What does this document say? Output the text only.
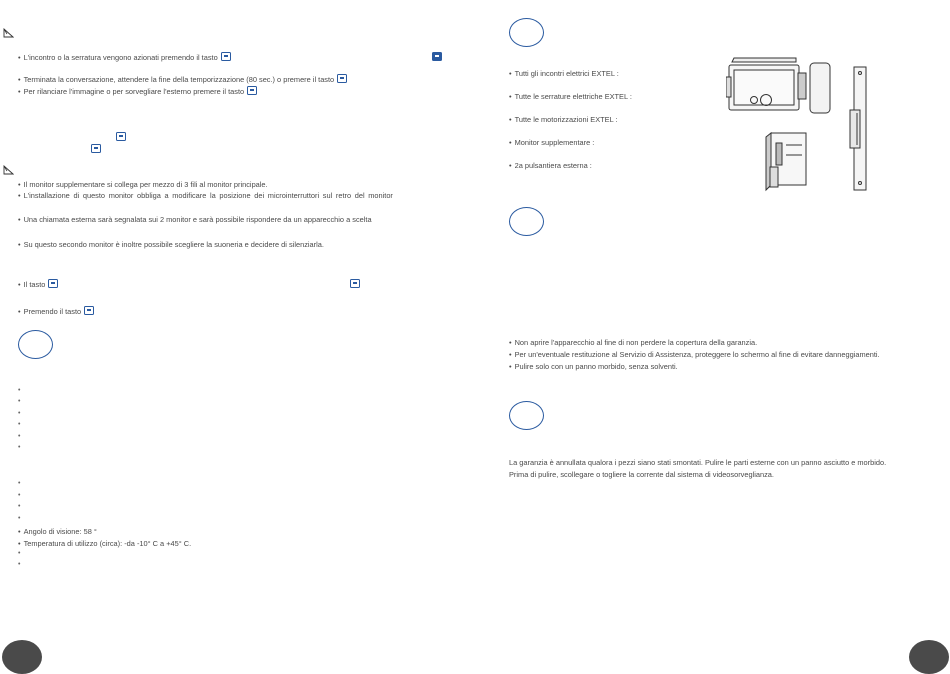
• L'incontro o la serratura vengono azionati premendo il tasto
• Terminata la conversazione, attendere la fine della temporizzazione (80 sec.) o premere il tasto
• Per rilanciare l'immagine o per sorvegliare l'esterno premere il tasto
• Il monitor supplementare si collega per mezzo di 3 fili al monitor principale.
• L'installazione di questo monitor obbliga a modificare la posizione dei microinterruttori sul retro del monitor
• Una chiamata esterna sarà segnalata sui 2 monitor e sarà possibile rispondere da un apparecchio a scelta
• Su questo secondo monitor è inoltre possibile scegliere la suoneria e decidere di silenziarla.
• Il tasto
• Premendo il tasto
•
•
•
•
•
•
•
•
•
•
• Angolo di visione: 58 °
• Temperatura di utilizzo (circa): -da -10° C a +45° C.
•
•
• Tutti gli incontri elettrici EXTEL :
• Tutte le serrature elettriche EXTEL :
• Tutte le motorizzazioni EXTEL :
• Monitor supplementare :
• 2a pulsantiera esterna :
• Non aprire l'apparecchio al fine di non perdere la copertura della garanzia.
• Per un'eventuale restituzione al Servizio di Assistenza, proteggere lo schermo al fine di evitare danneggiamenti.
• Pulire solo con un panno morbido, senza solventi.
La garanzia è annullata qualora i pezzi siano stati smontati. Pulire le parti esterne con un panno asciutto e morbido.
Prima di pulire, scollegare o togliere la corrente dal sistema di videosorveglianza.
